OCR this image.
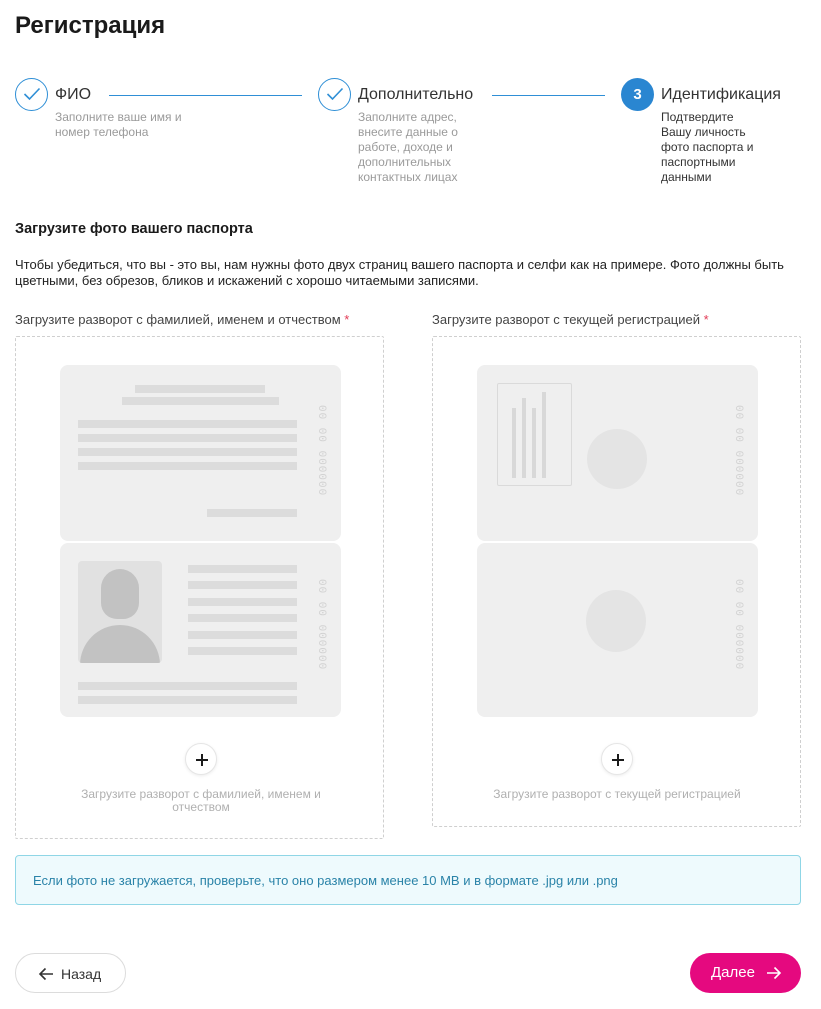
Регистрация
ФИО
Заполните ваше имя и номер телефона
Дополнительно
Заполните адрес, внесите данные о работе, доходе и дополнительных контактных лицах
3	Идентификация
Подтвердите Вашу личность фото паспорта и паспортными данными
Загрузите фото вашего паспорта
Чтобы убедиться, что вы - это вы, нам нужны фото двух страниц вашего паспорта и селфи как на примере. Фото должны быть цветными, без обрезов, бликов и искажений с хорошо читаемыми записями.
Загрузите разворот с фамилией, именем и отчеством *
00 00 000000
00 00 000000
Загрузите разворот с фамилией, именем и отчеством
Загрузите разворот с текущей регистрацией *
00 00 000000
00 00 000000
Загрузите разворот с текущей регистрацией
Если фото не загружается, проверьте, что оно размером менее 10 MB и в формате .jpg или .png
Назад	Далее
